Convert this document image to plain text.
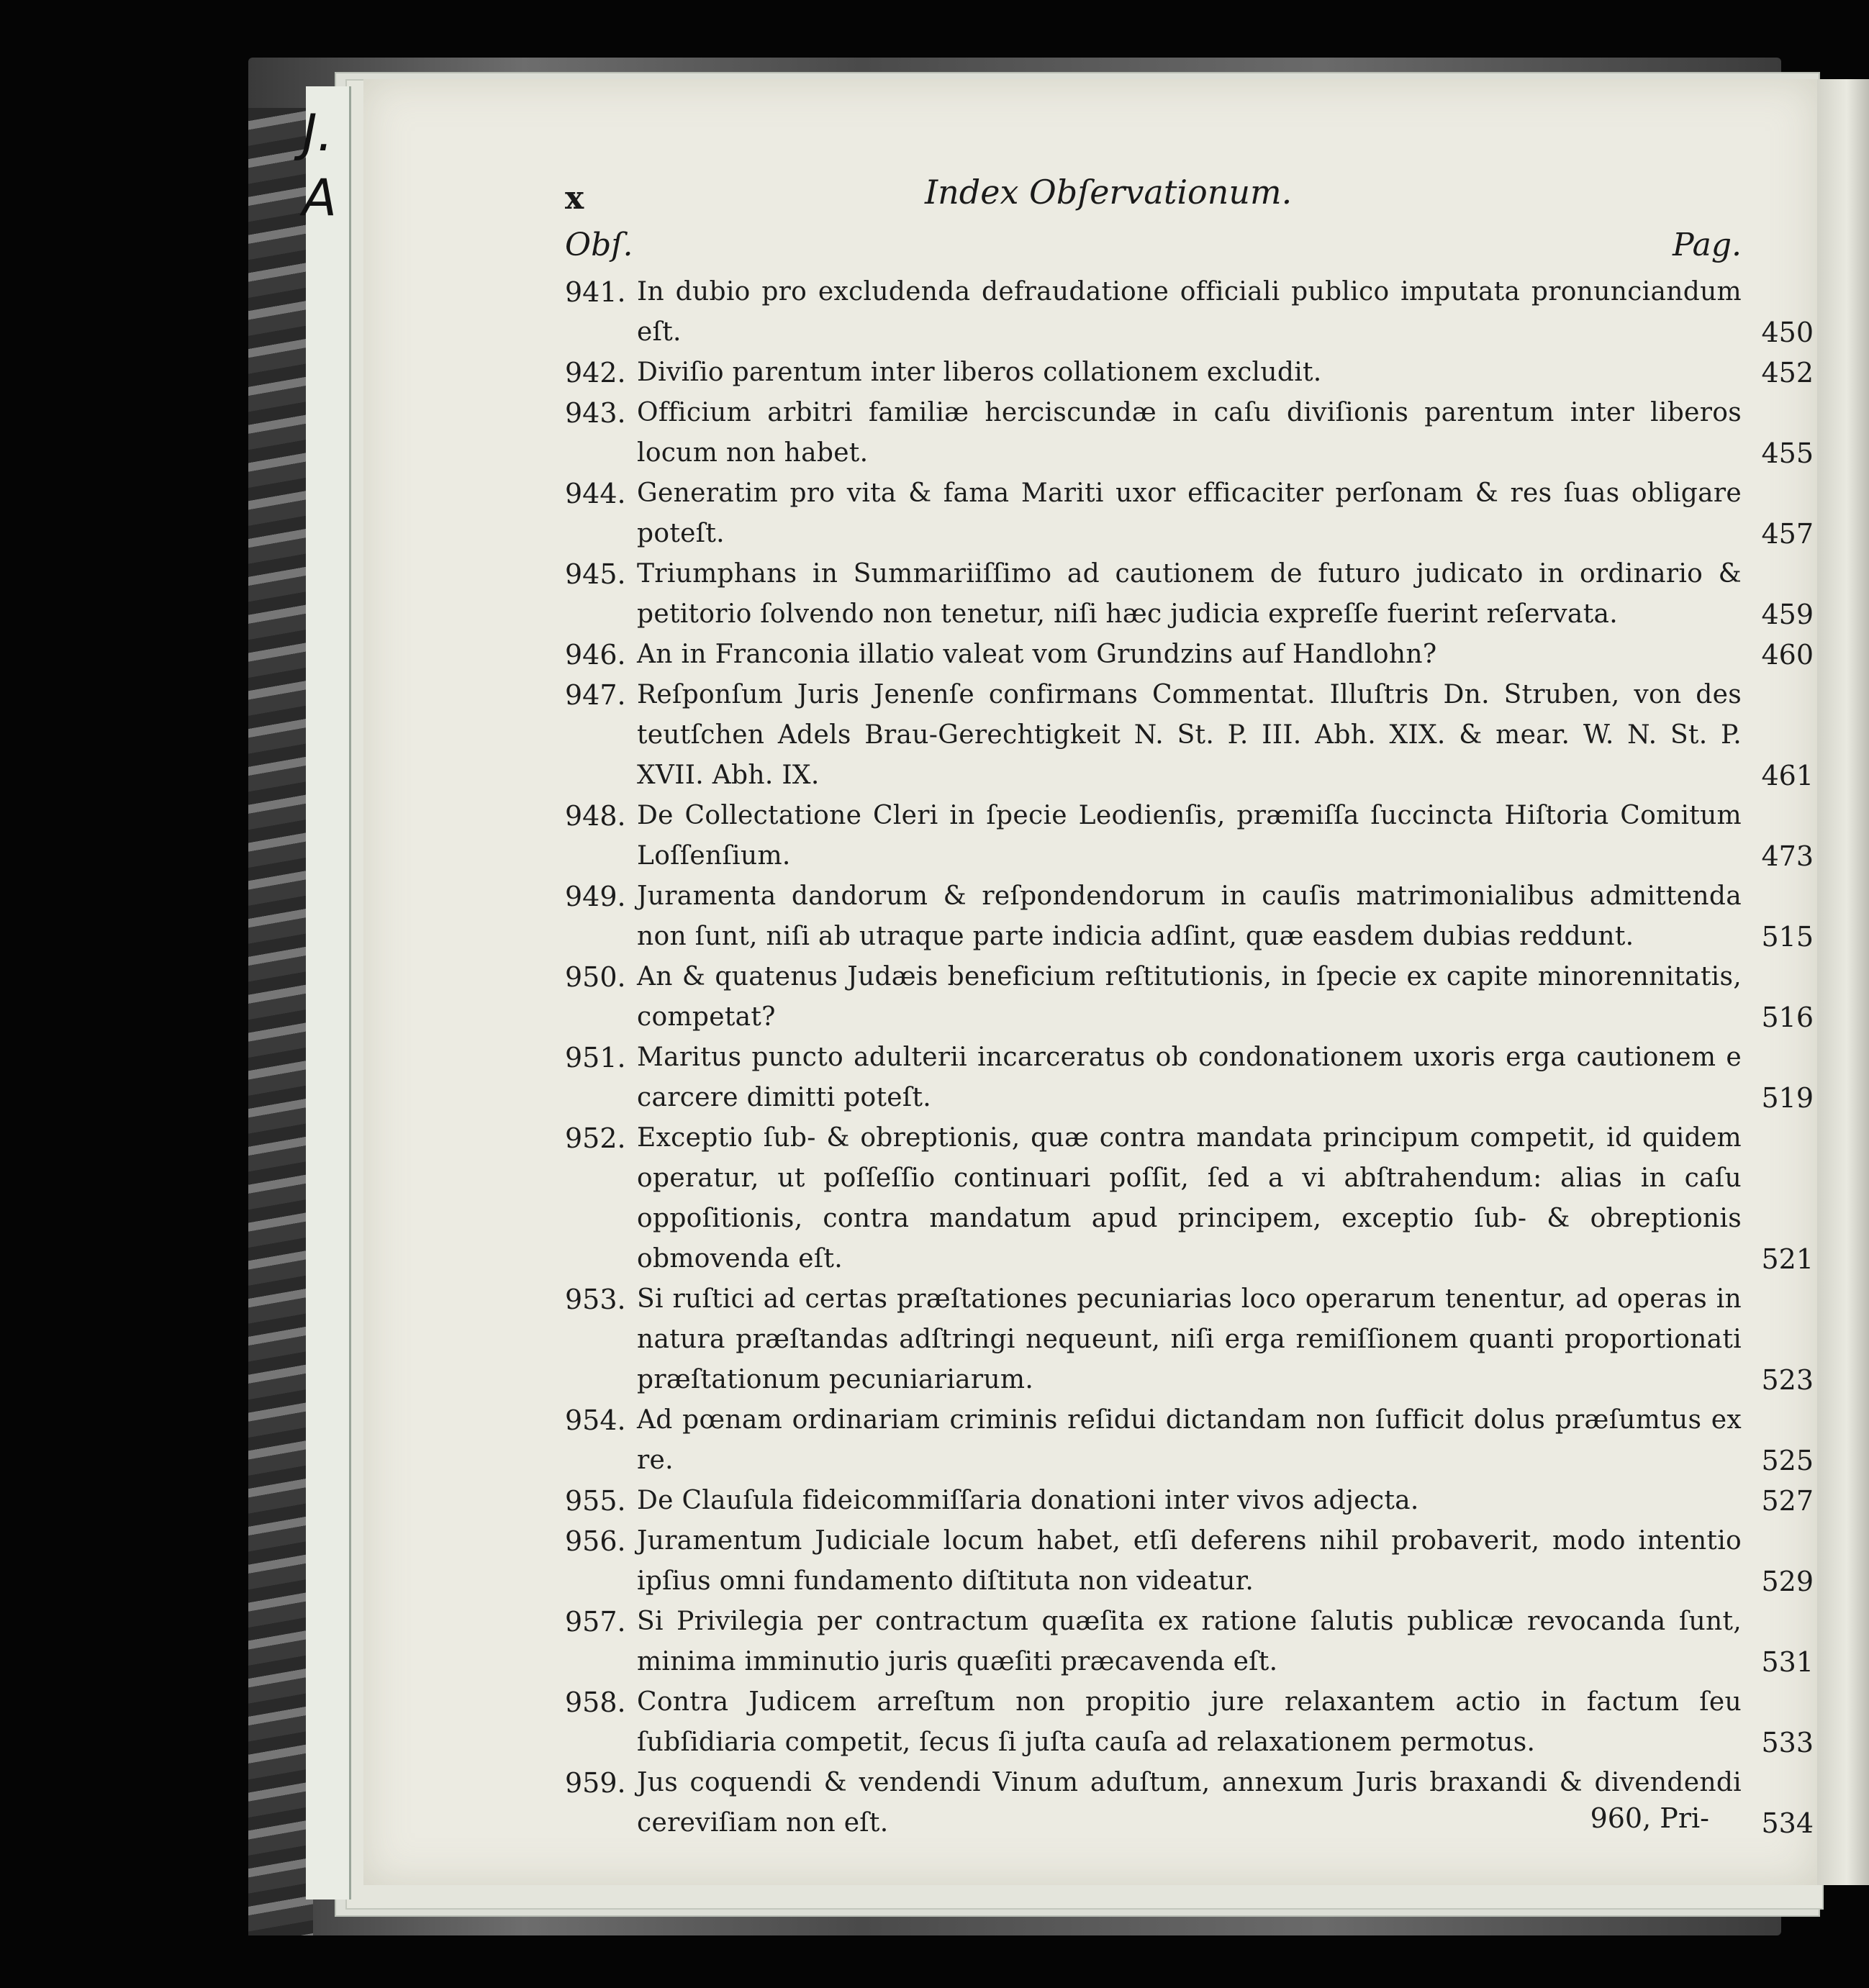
J.
A	x	Index Obſervationum.
Obſ.	Pag.
941. In dubio pro excludenda defraudatione officiali publico imputata pronunciandum eſt.	450
942. Diviſio parentum inter liberos collationem excludit.	452
943. Officium arbitri familiæ herciscundæ in caſu diviſionis parentum inter liberos locum non habet.	455
944. Generatim pro vita & fama Mariti uxor efficaciter perſonam & res ſuas obligare poteſt.	457
945. Triumphans in Summariiſſimo ad cautionem de futuro judicato in ordinario & petitorio ſolvendo non tenetur, niſi hæc judicia expreſſe fuerint reſervata.	459
946. An in Franconia illatio valeat vom Grundzins auf Handlohn?	460
947. Reſponſum Juris Jenenſe confirmans Commentat. Illuſtris Dn. Struben, von des teutſchen Adels Brau-Gerechtigkeit N. St. P. III. Abh. XIX. & mear. W. N. St. P. XVII. Abh. IX.	461
948. De Collectatione Cleri in ſpecie Leodienſis, præmiſſa ſuccincta Hiſtoria Comitum Loſſenſium.	473
949. Juramenta dandorum & reſpondendorum in cauſis matrimonialibus admittenda non ſunt, niſi ab utraque parte indicia adſint, quæ easdem dubias reddunt.	515
950. An & quatenus Judæis beneficium reſtitutionis, in ſpecie ex capite minorennitatis, competat?	516
951. Maritus puncto adulterii incarceratus ob condonationem uxoris erga cautionem e carcere dimitti poteſt.	519
952. Exceptio ſub- & obreptionis, quæ contra mandata principum competit, id quidem operatur, ut poſſeſſio continuari poſſit, ſed a vi abſtrahendum: alias in caſu oppoſitionis, contra mandatum apud principem, exceptio ſub- & obreptionis obmovenda eſt.	521
953. Si ruſtici ad certas præſtationes pecuniarias loco operarum tenentur, ad operas in natura præſtandas adſtringi nequeunt, niſi erga remiſſionem quanti proportionati præſtationum pecuniariarum.	523
954. Ad pœnam ordinariam criminis reſidui dictandam non ſufficit dolus præſumtus ex re.	525
955. De Clauſula fideicommiſſaria donationi inter vivos adjecta.	527
956. Juramentum Judiciale locum habet, etſi deferens nihil probaverit, modo intentio ipſius omni fundamento diſtituta non videatur.	529
957. Si Privilegia per contractum quæſita ex ratione ſalutis publicæ revocanda ſunt, minima imminutio juris quæſiti præcavenda eſt.	531
958. Contra Judicem arreſtum non propitio jure relaxantem actio in factum ſeu ſubſidiaria competit, ſecus ſi juſta cauſa ad relaxationem permotus.	533
959. Jus coquendi & vendendi Vinum aduſtum, annexum Juris braxandi & divendendi cereviſiam non eſt.	534
960, Pri-
